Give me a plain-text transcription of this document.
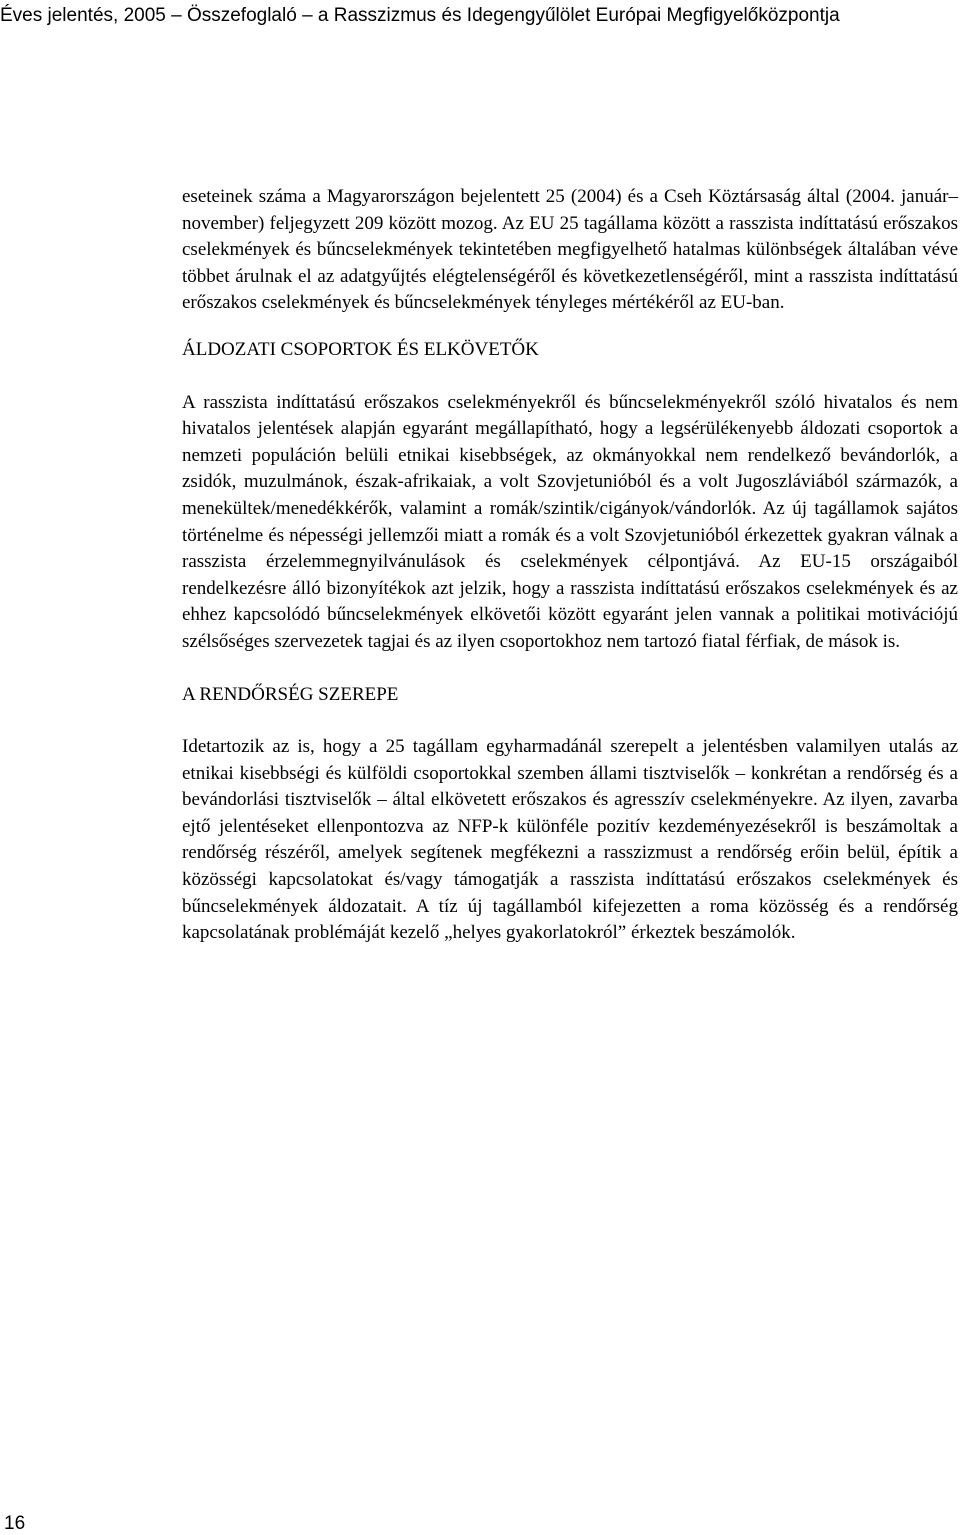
Éves jelentés, 2005 – Összefoglaló – a Rasszizmus és Idegengyűlölet Európai Megfigyelőközpontja

eseteinek száma a Magyarországon bejelentett 25 (2004) és a Cseh Köztársaság által (2004. január–november) feljegyzett 209 között mozog. Az EU 25 tagállama között a rasszista indíttatású erőszakos cselekmények és bűncselekmények tekintetében megfigyelhető hatalmas különbségek általában véve többet árulnak el az adatgyűjtés elégtelenségéről és következetlenségéről, mint a rasszista indíttatású erőszakos cselekmények és bűncselekmények tényleges mértékéről az EU-ban.

ÁLDOZATI CSOPORTOK ÉS ELKÖVETŐK

A rasszista indíttatású erőszakos cselekményekről és bűncselekményekről szóló hivatalos és nem hivatalos jelentések alapján egyaránt megállapítható, hogy a legsérülékenyebb áldozati csoportok a nemzeti populáción belüli etnikai kisebbségek, az okmányokkal nem rendelkező bevándorlók, a zsidók, muzulmánok, észak-afrikaiak, a volt Szovjetunióból és a volt Jugoszláviából származók, a menekültek/menedékkérők, valamint a romák/szintik/cigányok/vándorlók. Az új tagállamok sajátos történelme és népességi jellemzői miatt a romák és a volt Szovjetunióból érkezettek gyakran válnak a rasszista érzelemmegnyilvánulások és cselekmények célpontjává. Az EU-15 országaiból rendelkezésre álló bizonyítékok azt jelzik, hogy a rasszista indíttatású erőszakos cselekmények és az ehhez kapcsolódó bűncselekmények elkövetői között egyaránt jelen vannak a politikai motivációjú szélsőséges szervezetek tagjai és az ilyen csoportokhoz nem tartozó fiatal férfiak, de mások is.

A RENDŐRSÉG SZEREPE

Idetartozik az is, hogy a 25 tagállam egyharmadánál szerepelt a jelentésben valamilyen utalás az etnikai kisebbségi és külföldi csoportokkal szemben állami tisztviselők – konkrétan a rendőrség és a bevándorlási tisztviselők – által elkövetett erőszakos és agresszív cselekményekre. Az ilyen, zavarba ejtő jelentéseket ellenpontozva az NFP-k különféle pozitív kezdeményezésekről is beszámoltak a rendőrség részéről, amelyek segítenek megfékezni a rasszizmust a rendőrség erőin belül, építik a közösségi kapcsolatokat és/vagy támogatják a rasszista indíttatású erőszakos cselekmények és bűncselekmények áldozatait. A tíz új tagállamból kifejezetten a roma közösség és a rendőrség kapcsolatának problémáját kezelő „helyes gyakorlatokról” érkeztek beszámolók.

16
